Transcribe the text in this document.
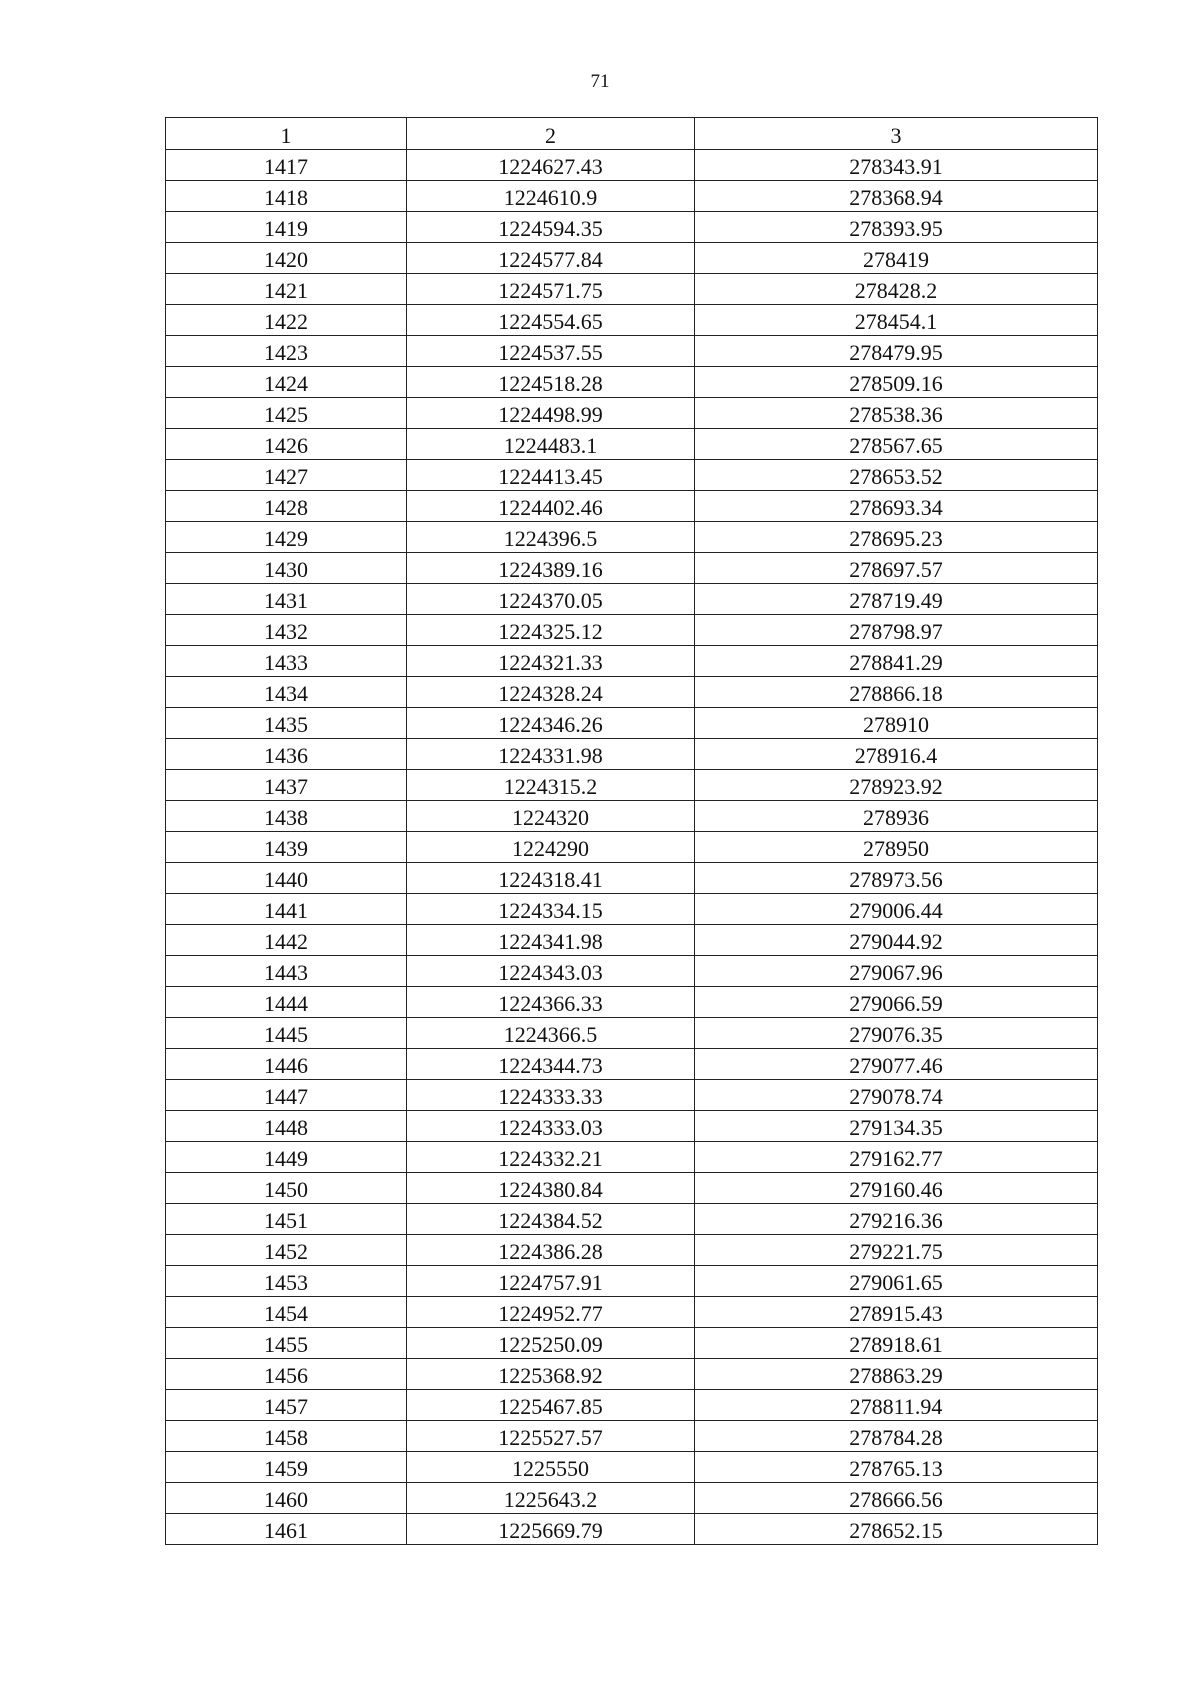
71
1	2	3
1417	1224627.43	278343.91
1418	1224610.9	278368.94
1419	1224594.35	278393.95
1420	1224577.84	278419
1421	1224571.75	278428.2
1422	1224554.65	278454.1
1423	1224537.55	278479.95
1424	1224518.28	278509.16
1425	1224498.99	278538.36
1426	1224483.1	278567.65
1427	1224413.45	278653.52
1428	1224402.46	278693.34
1429	1224396.5	278695.23
1430	1224389.16	278697.57
1431	1224370.05	278719.49
1432	1224325.12	278798.97
1433	1224321.33	278841.29
1434	1224328.24	278866.18
1435	1224346.26	278910
1436	1224331.98	278916.4
1437	1224315.2	278923.92
1438	1224320	278936
1439	1224290	278950
1440	1224318.41	278973.56
1441	1224334.15	279006.44
1442	1224341.98	279044.92
1443	1224343.03	279067.96
1444	1224366.33	279066.59
1445	1224366.5	279076.35
1446	1224344.73	279077.46
1447	1224333.33	279078.74
1448	1224333.03	279134.35
1449	1224332.21	279162.77
1450	1224380.84	279160.46
1451	1224384.52	279216.36
1452	1224386.28	279221.75
1453	1224757.91	279061.65
1454	1224952.77	278915.43
1455	1225250.09	278918.61
1456	1225368.92	278863.29
1457	1225467.85	278811.94
1458	1225527.57	278784.28
1459	1225550	278765.13
1460	1225643.2	278666.56
1461	1225669.79	278652.15
